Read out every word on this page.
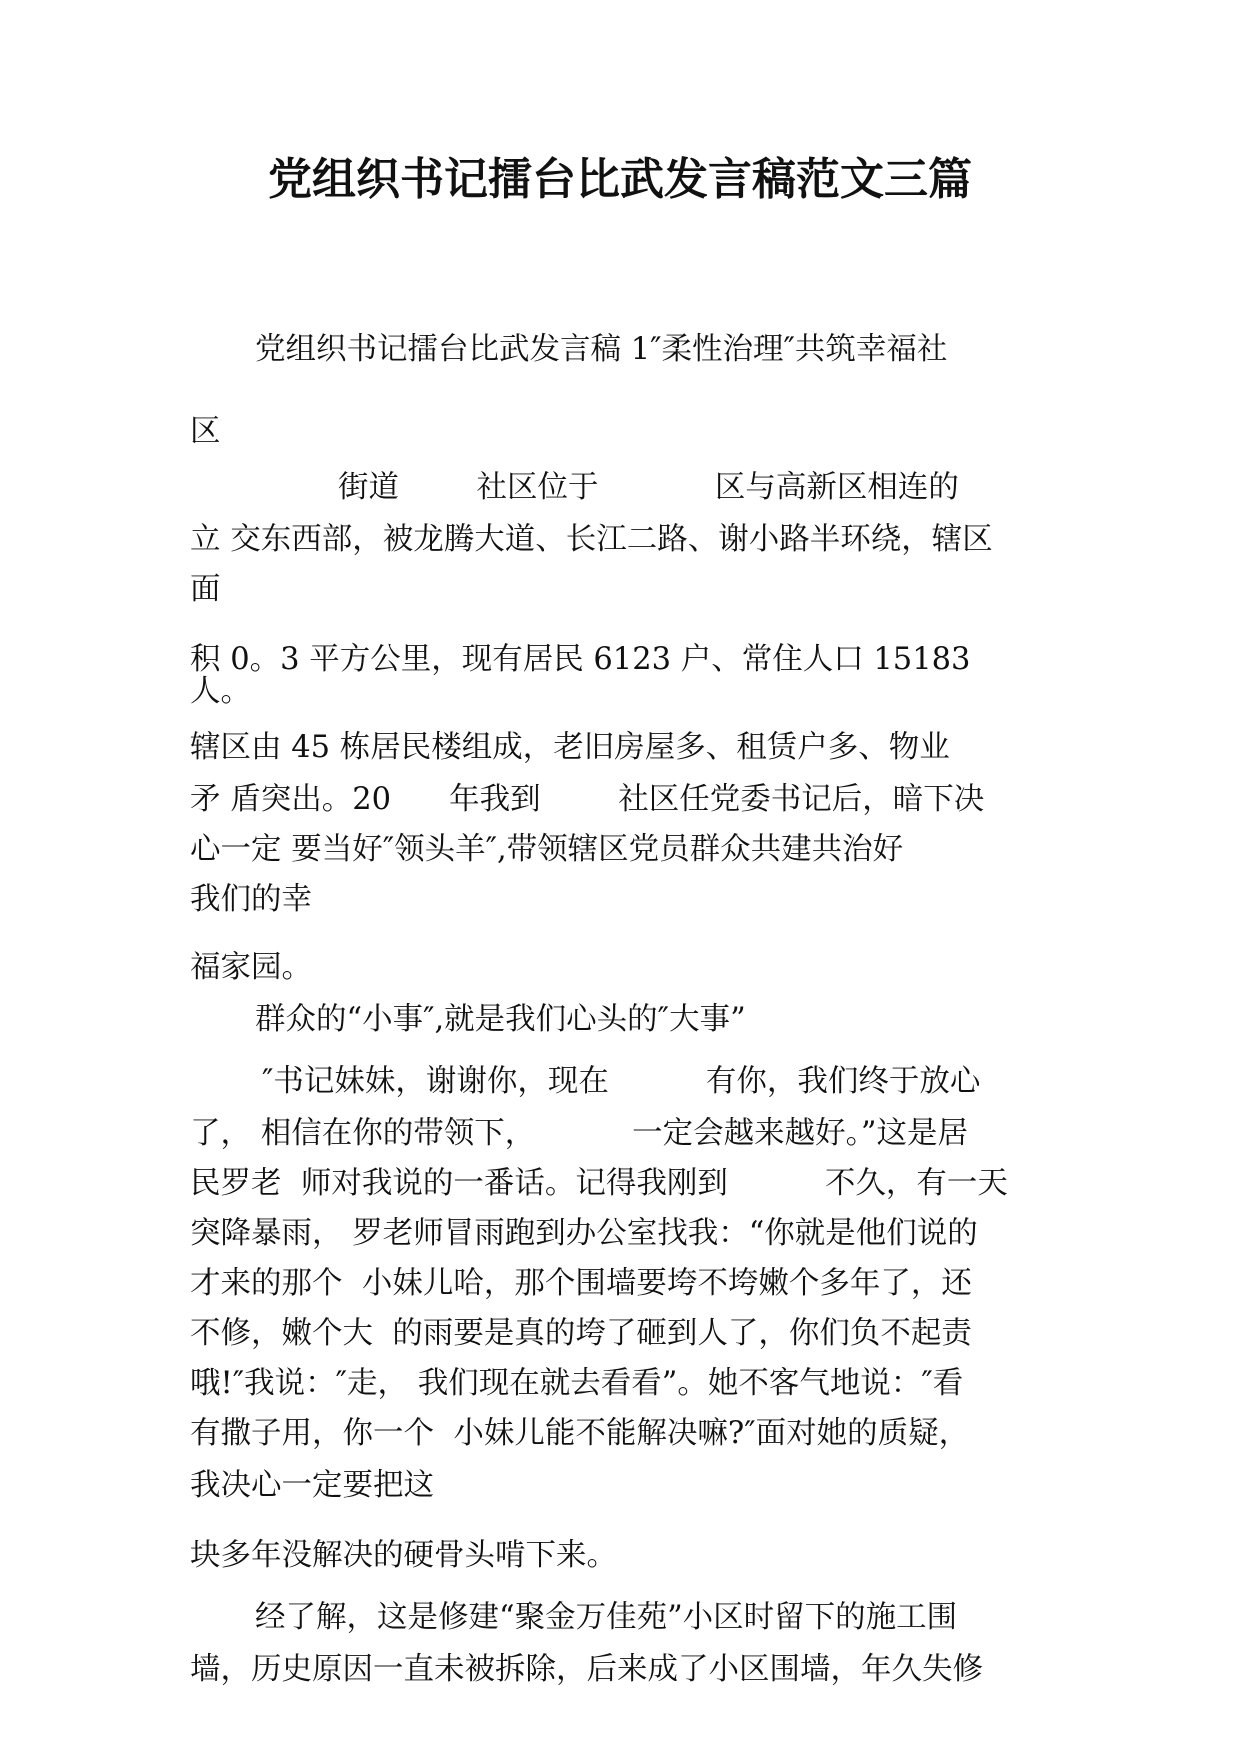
党组织书记擂台比武发言稿范文三篇
党组织书记擂台比武发言稿 1″柔性治理″共筑幸福社
区
街道        社区位于            区与高新区相连的
立 交东西部，被龙腾大道、长江二路、谢小路半环绕，辖区
面
积 0。3 平方公里，现有居民 6123 户、常住人口 15183
人。
辖区由 45 栋居民楼组成，老旧房屋多、租赁户多、物业
矛 盾突出。20      年我到        社区任党委书记后，暗下决
心一定 要当好″领头羊″,带领辖区党员群众共建共治好
我们的幸
福家园。
群众的“小事″,就是我们心头的″大事”
″书记妹妹，谢谢你，现在          有你，我们终于放心
了， 相信在你的带领下，          一定会越来越好。”这是居
民罗老  师对我说的一番话。记得我刚到          不久，有一天
突降暴雨， 罗老师冒雨跑到办公室找我：“你就是他们说的
才来的那个  小妹儿哈，那个围墙要垮不垮嫩个多年了，还
不修，嫩个大  的雨要是真的垮了砸到人了，你们负不起责
哦!″我说：″走， 我们现在就去看看”。她不客气地说：″看
有撒子用，你一个  小妹儿能不能解决嘛?″面对她的质疑，
我决心一定要把这
块多年没解决的硬骨头啃下来。
经了解，这是修建“聚金万佳苑”小区时留下的施工围
墙，历史原因一直未被拆除，后来成了小区围墙，年久失修
